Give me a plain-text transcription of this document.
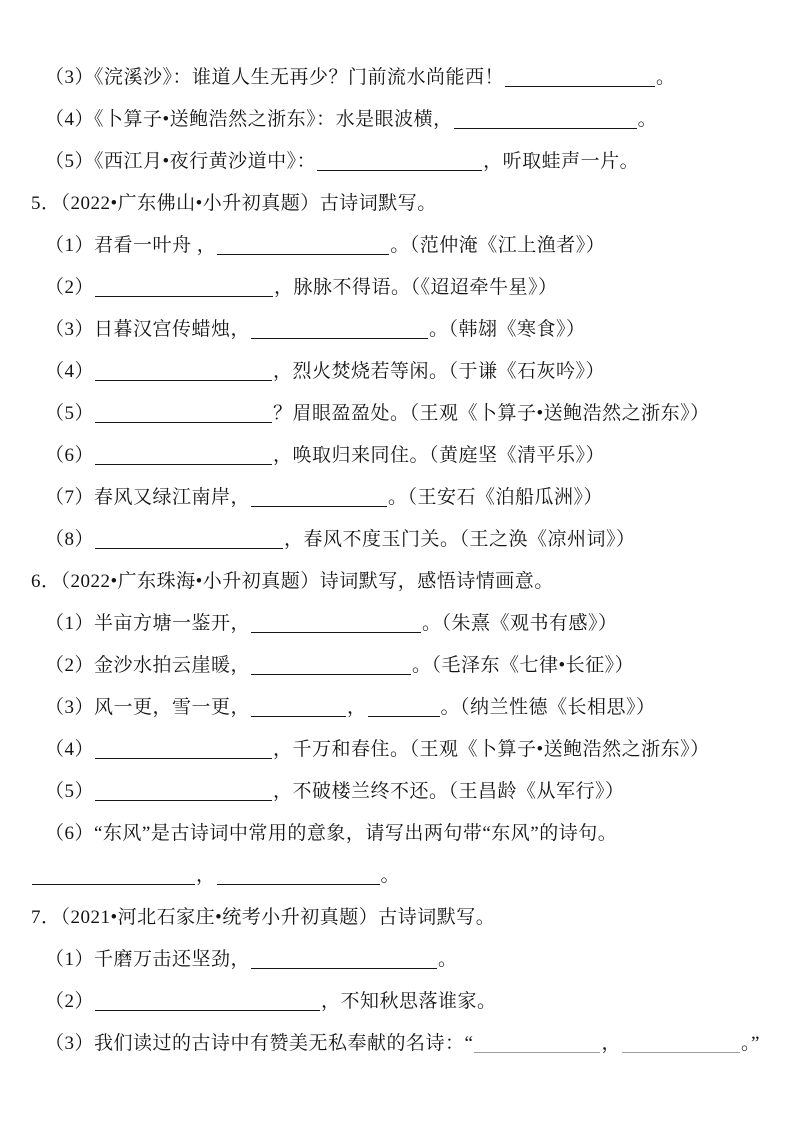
（3）《浣溪沙》：谁道人生无再少？门前流水尚能西！	。
（4）《卜算子•送鲍浩然之浙东》：水是眼波横，	。
（5）《西江月•夜行黄沙道中》：	，听取蛙声一片。
5．（2022•广东佛山•小升初真题）古诗词默写。
（1）君看一叶舟 ，	。（范仲淹《江上渔者》）
（2）	，脉脉不得语。（《迢迢牵牛星》）
（3）日暮汉宫传蜡烛，	。（韩翃《寒食》）
（4）	，烈火焚烧若等闲。（于谦《石灰吟》）
（5）	？眉眼盈盈处。（王观《卜算子•送鲍浩然之浙东》）
（6）	，唤取归来同住。（黄庭坚《清平乐》）
（7）春风又绿江南岸，	。（王安石《泊船瓜洲》）
（8）	，春风不度玉门关。（王之涣《凉州词》）
6．（2022•广东珠海•小升初真题）诗词默写，感悟诗情画意。
（1）半亩方塘一鉴开，	。（朱熹《观书有感》）
（2）金沙水拍云崖暖，	。（毛泽东《七律•长征》）
（3）风一更，雪一更，	，	。（纳兰性德《长相思》）
（4）	，千万和春住。（王观《卜算子•送鲍浩然之浙东》）
（5）	，不破楼兰终不还。（王昌龄《从军行》）
（6）“东风”是古诗词中常用的意象，请写出两句带“东风”的诗句。
，	。
7．（2021•河北石家庄•统考小升初真题）古诗词默写。
（1）千磨万击还坚劲，	。
（2）	，不知秋思落谁家。
（3）我们读过的古诗中有赞美无私奉献的名诗：“	，	。”
